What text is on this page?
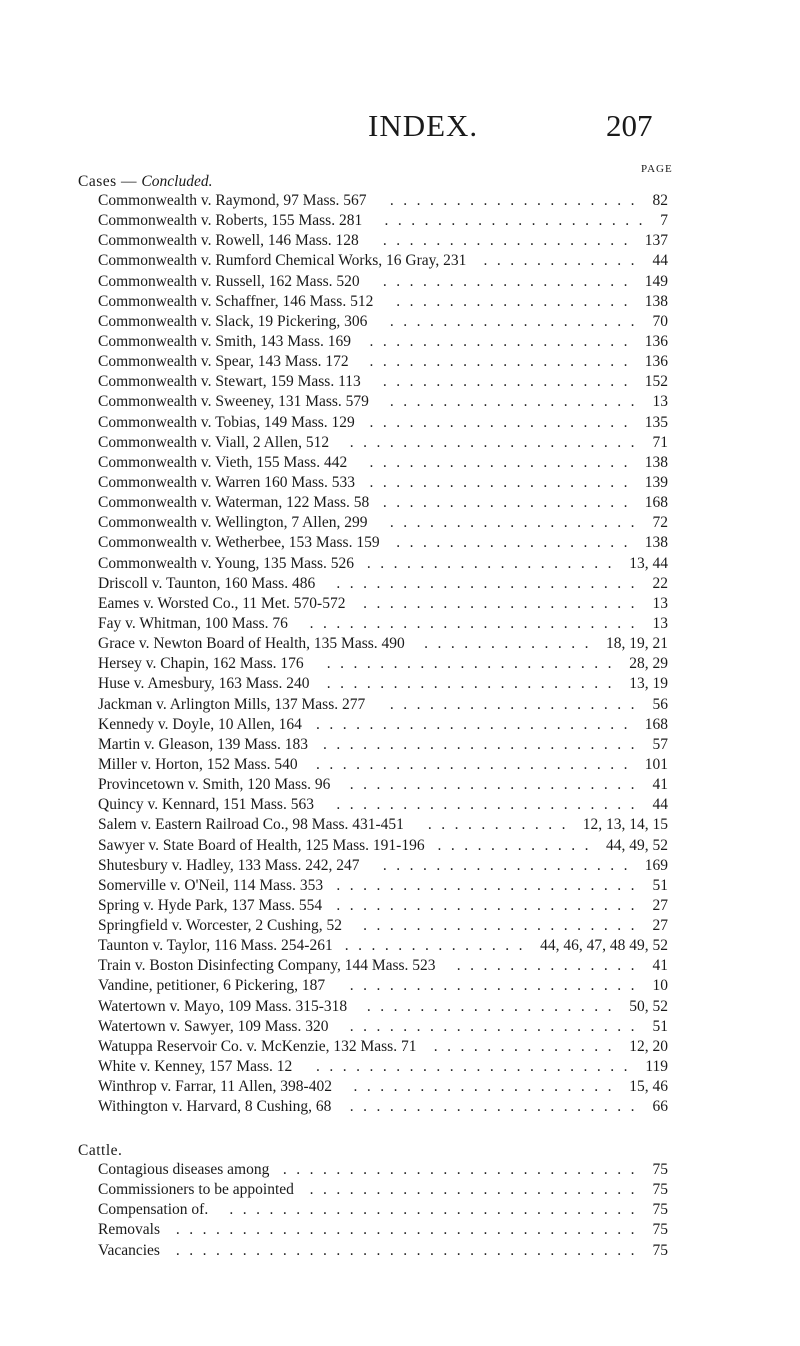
INDEX.	207
PAGE
Cases — Concluded.
Commonwealth v. Raymond, 97 Mass. 567 ................... 82
Commonwealth v. Roberts, 155 Mass. 281 .................... 7
Commonwealth v. Rowell, 146 Mass. 128 ................... 137
Commonwealth v. Rumford Chemical Works, 16 Gray, 231 ............ 44
Commonwealth v. Russell, 162 Mass. 520 ................... 149
Commonwealth v. Schaffner, 146 Mass. 512 .................. 138
Commonwealth v. Slack, 19 Pickering, 306 ................... 70
Commonwealth v. Smith, 143 Mass. 169 .................... 136
Commonwealth v. Spear, 143 Mass. 172 .................... 136
Commonwealth v. Stewart, 159 Mass. 113 ................... 152
Commonwealth v. Sweeney, 131 Mass. 579 ................... 13
Commonwealth v. Tobias, 149 Mass. 129 .................... 135
Commonwealth v. Viall, 2 Allen, 512 ...................... 71
Commonwealth v. Vieth, 155 Mass. 442 .................... 138
Commonwealth v. Warren 160 Mass. 533 .................... 139
Commonwealth v. Waterman, 122 Mass. 58 ................... 168
Commonwealth v. Wellington, 7 Allen, 299 ................... 72
Commonwealth v. Wetherbee, 153 Mass. 159 .................. 138
Commonwealth v. Young, 135 Mass. 526 ................... 13, 44
Driscoll v. Taunton, 160 Mass. 486 ....................... 22
Eames v. Worsted Co., 11 Met. 570-572 ..................... 13
Fay v. Whitman, 100 Mass. 76 ......................... 13
Grace v. Newton Board of Health, 135 Mass. 490 ............. 18, 19, 21
Hersey v. Chapin, 162 Mass. 176 ...................... 28, 29
Huse v. Amesbury, 163 Mass. 240 ...................... 13, 19
Jackman v. Arlington Mills, 137 Mass. 277 ................... 56
Kennedy v. Doyle, 10 Allen, 164 ........................ 168
Martin v. Gleason, 139 Mass. 183 ........................ 57
Miller v. Horton, 152 Mass. 540 ........................ 101
Provincetown v. Smith, 120 Mass. 96 ...................... 41
Quincy v. Kennard, 151 Mass. 563 ....................... 44
Salem v. Eastern Railroad Co., 98 Mass. 431-451 ........... 12, 13, 14, 15
Sawyer v. State Board of Health, 125 Mass. 191-196 ............ 44, 49, 52
Shutesbury v. Hadley, 133 Mass. 242, 247 ................... 169
Somerville v. O'Neil, 114 Mass. 353 ....................... 51
Spring v. Hyde Park, 137 Mass. 554 ....................... 27
Springfield v. Worcester, 2 Cushing, 52 ..................... 27
Taunton v. Taylor, 116 Mass. 254-261 .............. 44, 46, 47, 48 49, 52
Train v. Boston Disinfecting Company, 144 Mass. 523 .............. 41
Vandine, petitioner, 6 Pickering, 187 ...................... 10
Watertown v. Mayo, 109 Mass. 315-318 ................... 50, 52
Watertown v. Sawyer, 109 Mass. 320 ...................... 51
Watuppa Reservoir Co. v. McKenzie, 132 Mass. 71 .............. 12, 20
White v. Kenney, 157 Mass. 12 ........................ 119
Winthrop v. Farrar, 11 Allen, 398-402 .................... 15, 46
Withington v. Harvard, 8 Cushing, 68 ...................... 66
Cattle.
Contagious diseases among ........................... 75
Commissioners to be appointed ......................... 75
Compensation of. ............................... 75
Removals ................................... 75
Vacancies ................................... 75
